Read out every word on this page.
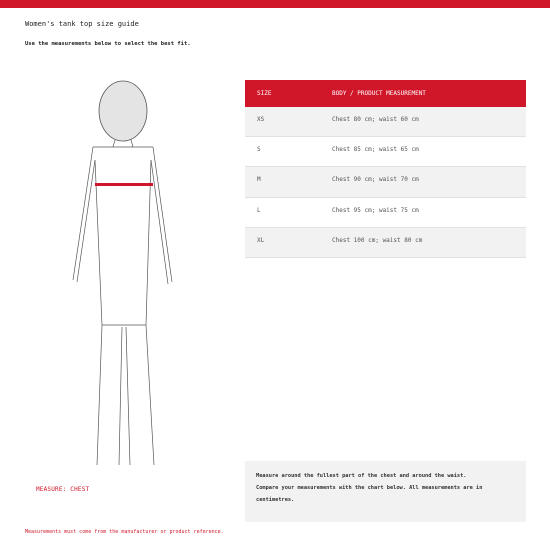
Women's tank top size guide
Use the measurements below to select the best fit.
MEASURE: CHEST
SIZE	BODY / PRODUCT MEASUREMENT
XS	Chest 80 cm; waist 60 cm
S	Chest 85 cm; waist 65 cm
M	Chest 90 cm; waist 70 cm
L	Chest 95 cm; waist 75 cm
XL	Chest 100 cm; waist 80 cm

Measure around the fullest part of the chest and around the waist.

Compare your measurements with the chart below. All measurements are in centimetres.

Measurements must come from the manufacturer or product reference.
